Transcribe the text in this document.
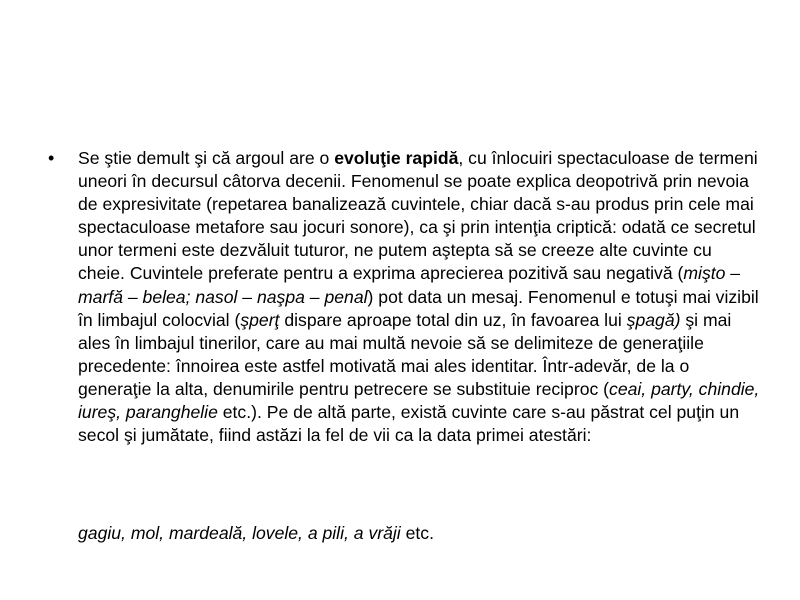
• Se ştie demult şi că argoul are o evoluţie rapidă, cu înlocuiri spectaculoase de termeni uneori în decursul câtorva decenii. Fenomenul se poate explica deopotrivă prin nevoia de expresivitate (repetarea banalizează cuvintele, chiar dacă s-au produs prin cele mai spectaculoase metafore sau jocuri sonore), ca şi prin intenţia criptică: odată ce secretul unor termeni este dezvăluit tuturor, ne putem aştepta să se creeze alte cuvinte cu cheie. Cuvintele preferate pentru a exprima aprecierea pozitivă sau negativă (mişto – marfă – belea; nasol – naşpa – penal) pot data un mesaj. Fenomenul e totuşi mai vizibil în limbajul colocvial (şperţ dispare aproape total din uz, în favoarea lui şpagă) şi mai ales în limbajul tinerilor, care au mai multă nevoie să se delimiteze de generaţiile precedente: înnoirea este astfel motivată mai ales identitar. Într-adevăr, de la o generaţie la alta, denumirile pentru petrecere se substituie reciproc (ceai, party, chindie, iureş, paranghelie etc.). Pe de altă parte, există cuvinte care s-au păstrat cel puţin un secol şi jumătate, fiind astăzi la fel de vii ca la data primei atestări:

gagiu, mol, mardeală, lovele, a pili, a vrăji etc.
